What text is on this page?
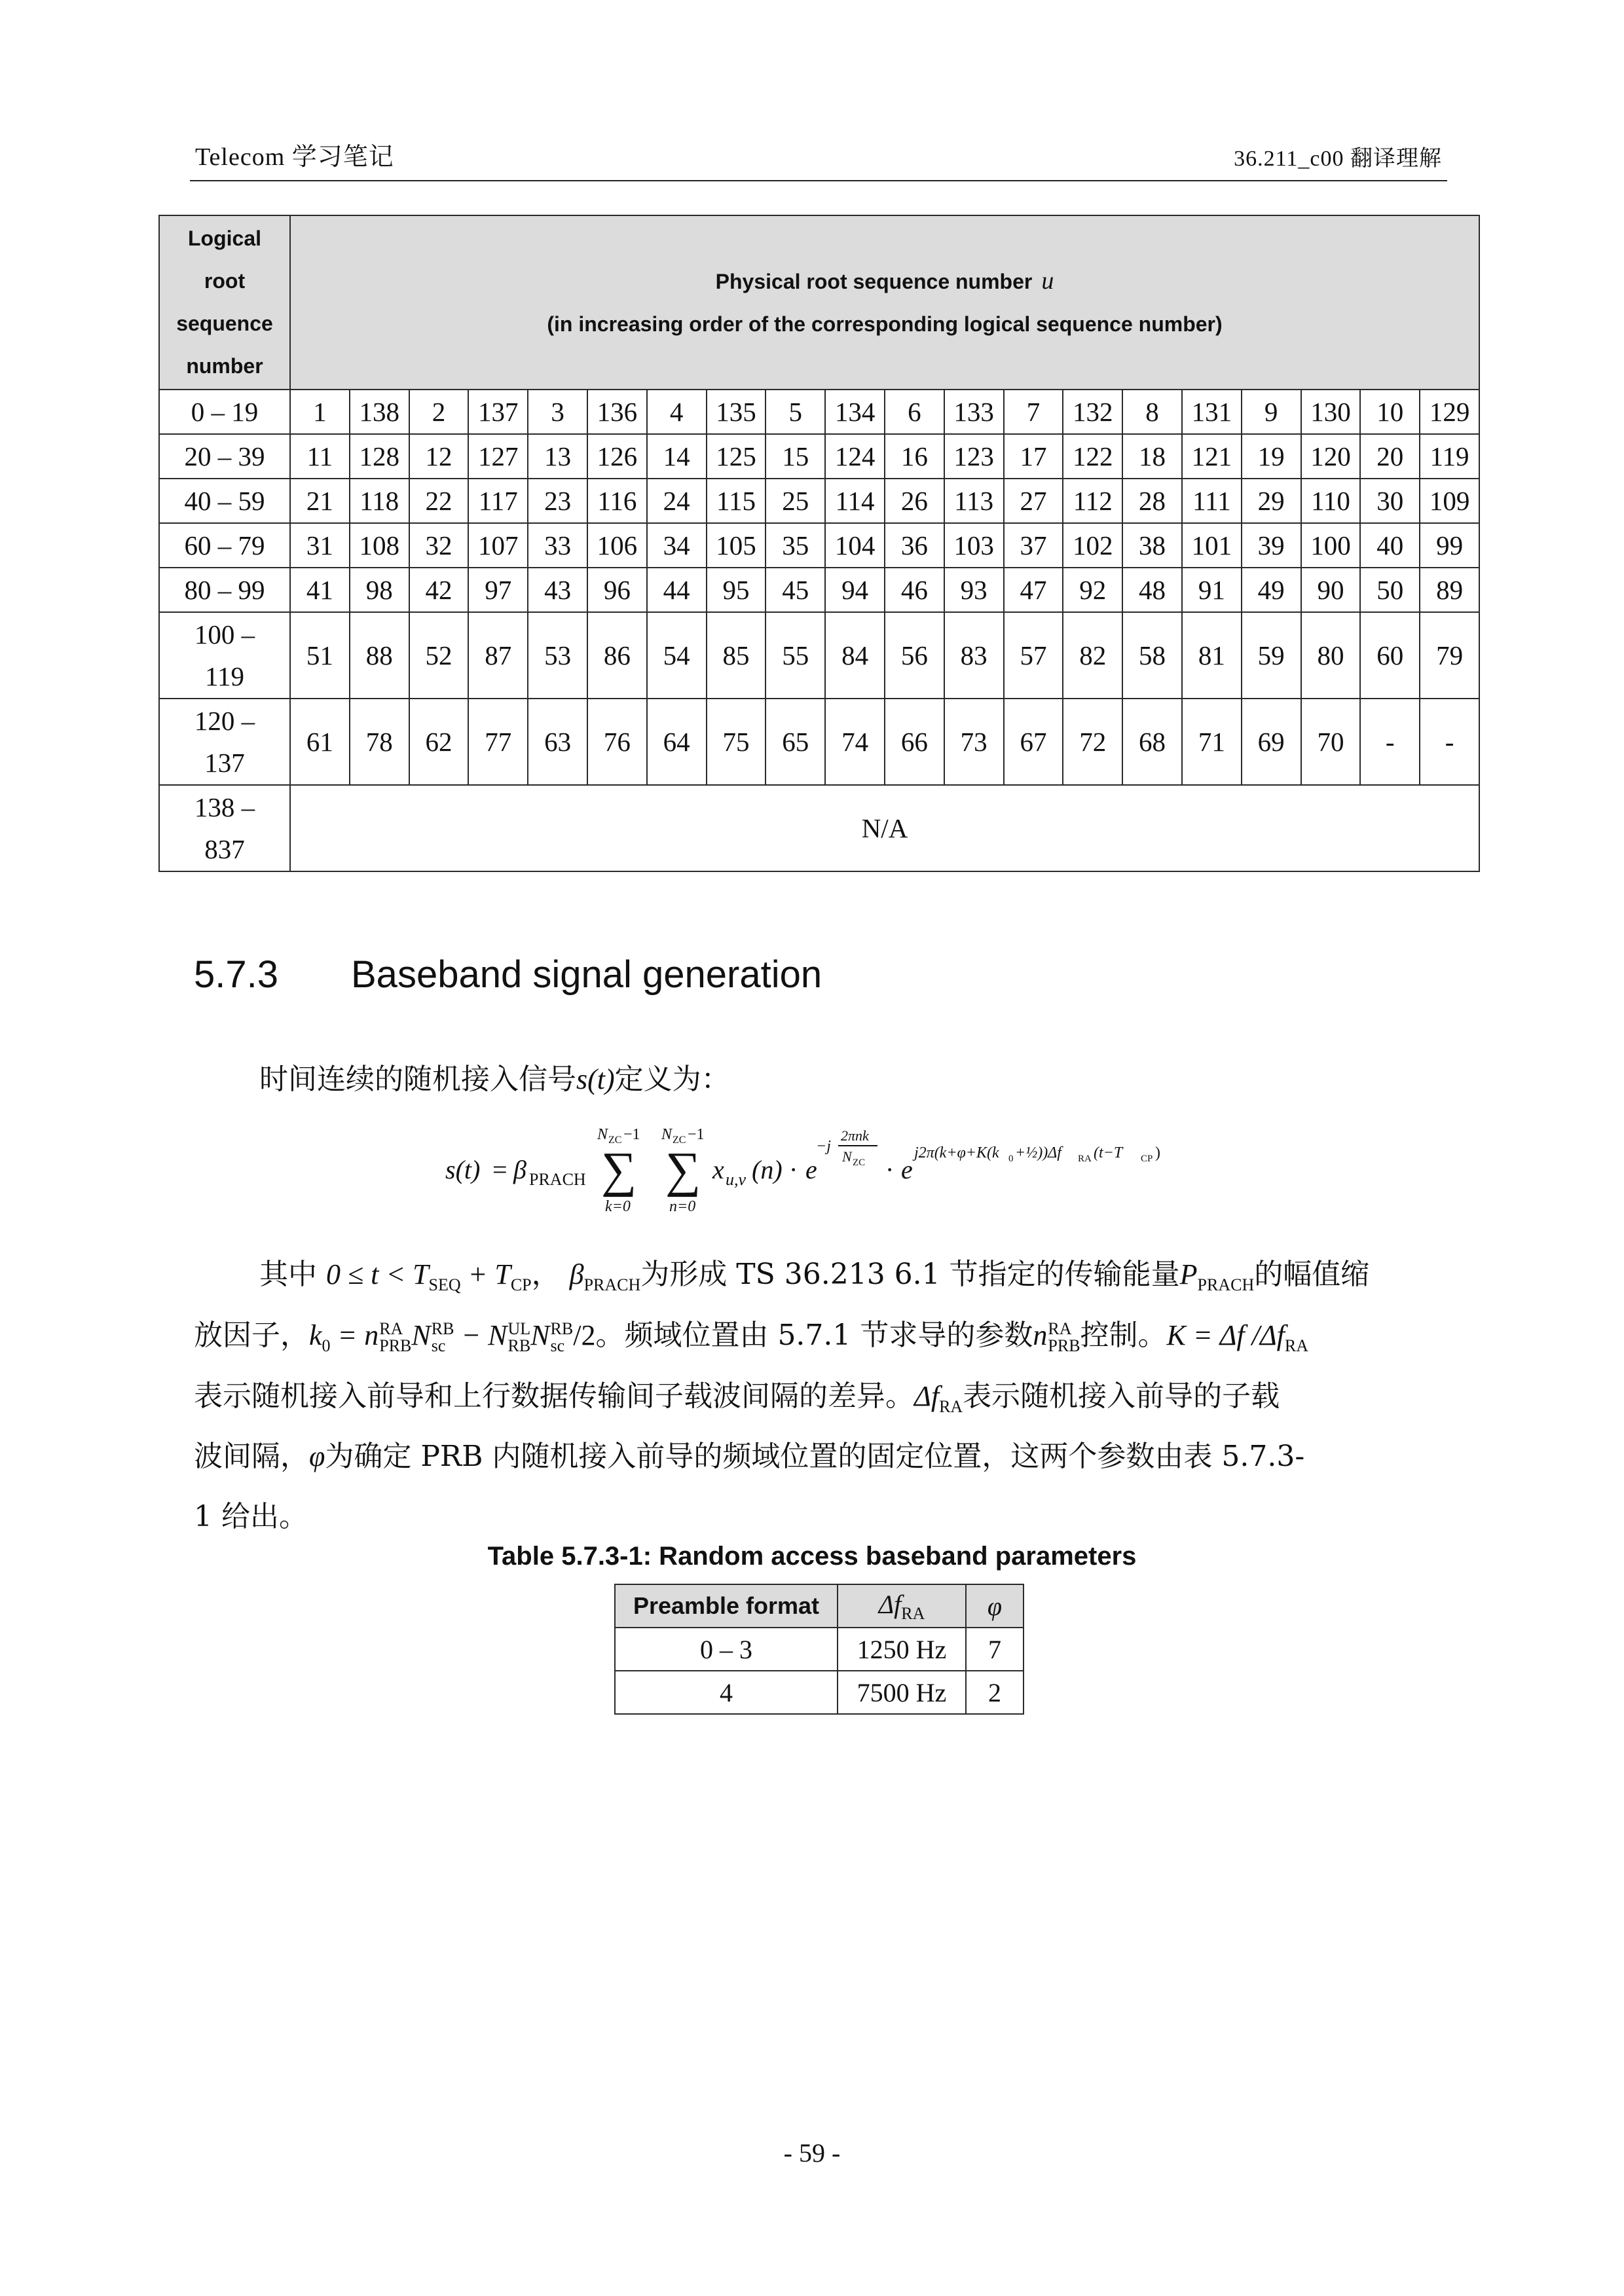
Telecom 学习笔记	36.211_c00 翻译理解
Logical
root
sequence
number	Physical root sequence number u
(in increasing order of the corresponding logical sequence number)																			
0 – 19	1	138	2	137	3	136	4	135	5	134	6	133	7	132	8	131	9	130	10	129
20 – 39	11	128	12	127	13	126	14	125	15	124	16	123	17	122	18	121	19	120	20	119
40 – 59	21	118	22	117	23	116	24	115	25	114	26	113	27	112	28	111	29	110	30	109
60 – 79	31	108	32	107	33	106	34	105	35	104	36	103	37	102	38	101	39	100	40	99
80 – 99	41	98	42	97	43	96	44	95	45	94	46	93	47	92	48	91	49	90	50	89
100 –
119	51	88	52	87	53	86	54	85	55	84	56	83	57	82	58	81	59	80	60	79
120 –
137	61	78	62	77	63	76	64	75	65	74	66	73	67	72	68	71	69	70	-	-
138 –
837	N/A																			
5.7.3 Baseband signal generation
时间连续的随机接入信号s(t)定义为：
s(t) = β PRACH
N ZC −1
∑
k=0
N ZC −1
∑
n=0
x u,v (n) · e
−j
2πnk
N ZC · e
j2π(k+φ+K(k 0 +½))Δf RA (t−T CP )
其中 $0 \le t < T_{SEQ} + T_{CP}$， $\beta_{PRACH}$为形成 TS 36.213 6.1 节指定的传输能量$P_{PRACH}$的幅值缩
放因子，$k_0 = n$ RA
PRB N RB
sc − N UL
RB N RB
sc /2。频域位置由 5.7.1 节求导的参数n RA
PRB 控制。K = Δf $/\Delta f_{RA}$
表示随机接入前导和上行数据传输间子载波间隔的差异。$\Delta f_{RA}$表示随机接入前导的子载
波间隔，φ为确定 PRB 内随机接入前导的频域位置的固定位置，这两个参数由表 5.7.3-
1 给出。
Table 5.7.3-1: Random access baseband parameters
Preamble format	$\Delta f_{RA}$	φ
0 – 3	1250 Hz	7
4	7500 Hz	2
- 59 -
